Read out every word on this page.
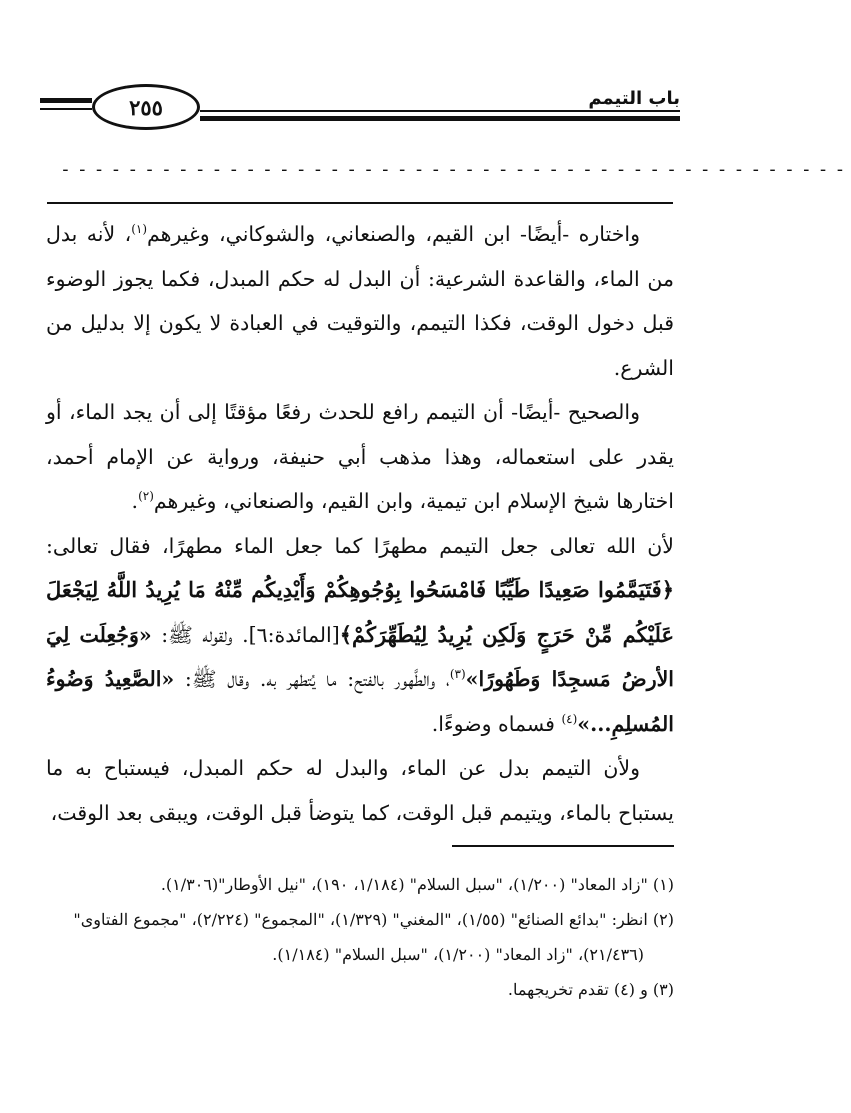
٢٥٥	باب التيمم
-----------------------------------------------

واختاره -أيضًا- ابن القيم، والصنعاني، والشوكاني، وغيرهم$^{(١)}$، لأنه بدل من الماء، والقاعدة الشرعية: أن البدل له حكم المبدل، فكما يجوز الوضوء قبل دخول الوقت، فكذا التيمم، والتوقيت في العبادة لا يكون إلا بدليل من الشرع.

والصحيح -أيضًا- أن التيمم رافع للحدث رفعًا مؤقتًا إلى أن يجد الماء، أو يقدر على استعماله، وهذا مذهب أبي حنيفة، ورواية عن الإمام أحمد، اختارها شيخ الإسلام ابن تيمية، وابن القيم، والصنعاني، وغيرهم$^{(٢)}$.

لأن الله تعالى جعل التيمم مطهرًا كما جعل الماء مطهرًا، فقال تعالى: ﴿فَتَيَمَّمُوا صَعِيدًا طَيِّبًا فَامْسَحُوا بِوُجُوهِكُمْ وَأَيْدِيكُم مِّنْهُ مَا يُرِيدُ اللَّهُ لِيَجْعَلَ عَلَيْكُم مِّنْ حَرَجٍ وَلَكِن يُرِيدُ لِيُطَهِّرَكُمْ﴾[المائدة:٦]. ولقوله ﷺ: «وَجُعِلَت لِيَ الأرضُ مَسجِدًا وَطَهُورًا»$^{(٣)}$، والطَّهور بالفتح: ما يُتطهر به. وقال ﷺ: «الصَّعِيدُ وَضُوءُ المُسلِمِ...»$^{(٤)}$ فسماه وضوءًا.

ولأن التيمم بدل عن الماء، والبدل له حكم المبدل، فيستباح به ما يستباح بالماء، ويتيمم قبل الوقت، كما يتوضأ قبل الوقت، ويبقى بعد الوقت،

(١) "زاد المعاد" (١/٢٠٠)، "سبل السلام" (١/١٨٤، ١٩٠)، "نيل الأوطار"(١/٣٠٦).
(٢) انظر: "بدائع الصنائع" (١/٥٥)، "المغني" (١/٣٢٩)، "المجموع" (٢/٢٢٤)، "مجموع الفتاوى"
(٢١/٤٣٦)، "زاد المعاد" (١/٢٠٠)، "سبل السلام" (١/١٨٤).
(٣) و (٤) تقدم تخريجهما.
